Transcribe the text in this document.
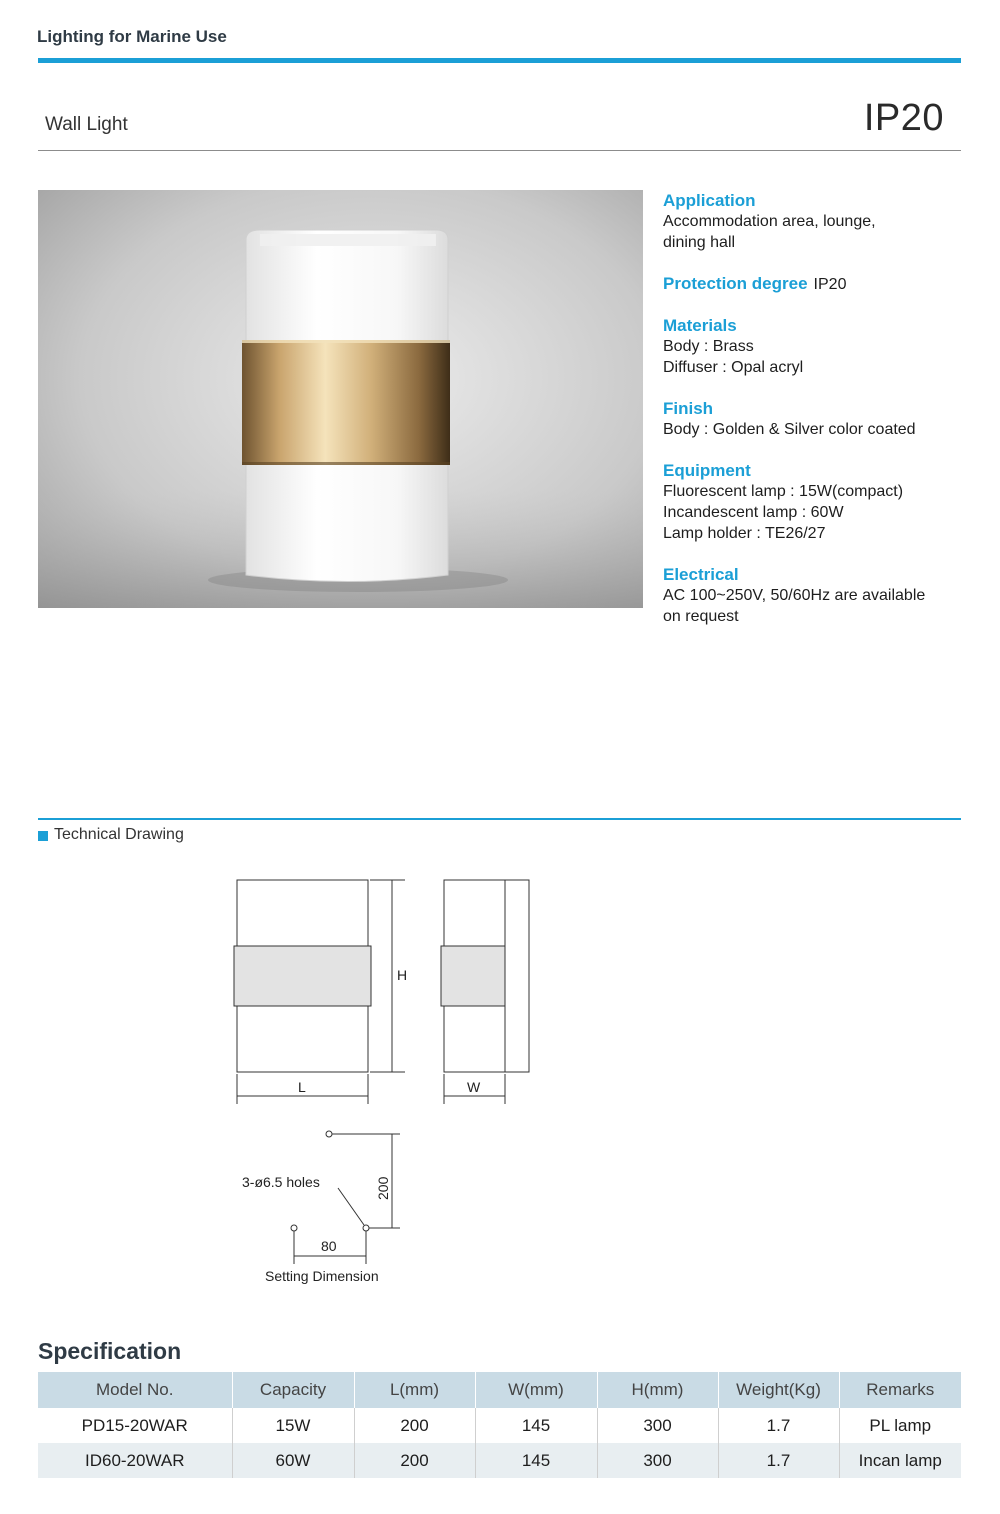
Lighting for Marine Use
Wall Light	IP20
Application
Accommodation area, lounge,
dining hall
Protection degree IP20
Materials
Body : Brass
Diffuser : Opal acryl
Finish
Body : Golden & Silver color coated
Equipment
Fluorescent lamp : 15W(compact)
Incandescent lamp : 60W
Lamp holder : TE26/27
Electrical
AC 100~250V, 50/60Hz are available
on request
Technical Drawing
H
L	W
3-ø6.5 holes	200
80
Setting Dimension
Specification
Model No.	Capacity	L(mm)	W(mm)	H(mm)	Weight(Kg)	Remarks
PD15-20WAR	15W	200	145	300	1.7	PL lamp
ID60-20WAR	60W	200	145	300	1.7	Incan lamp
